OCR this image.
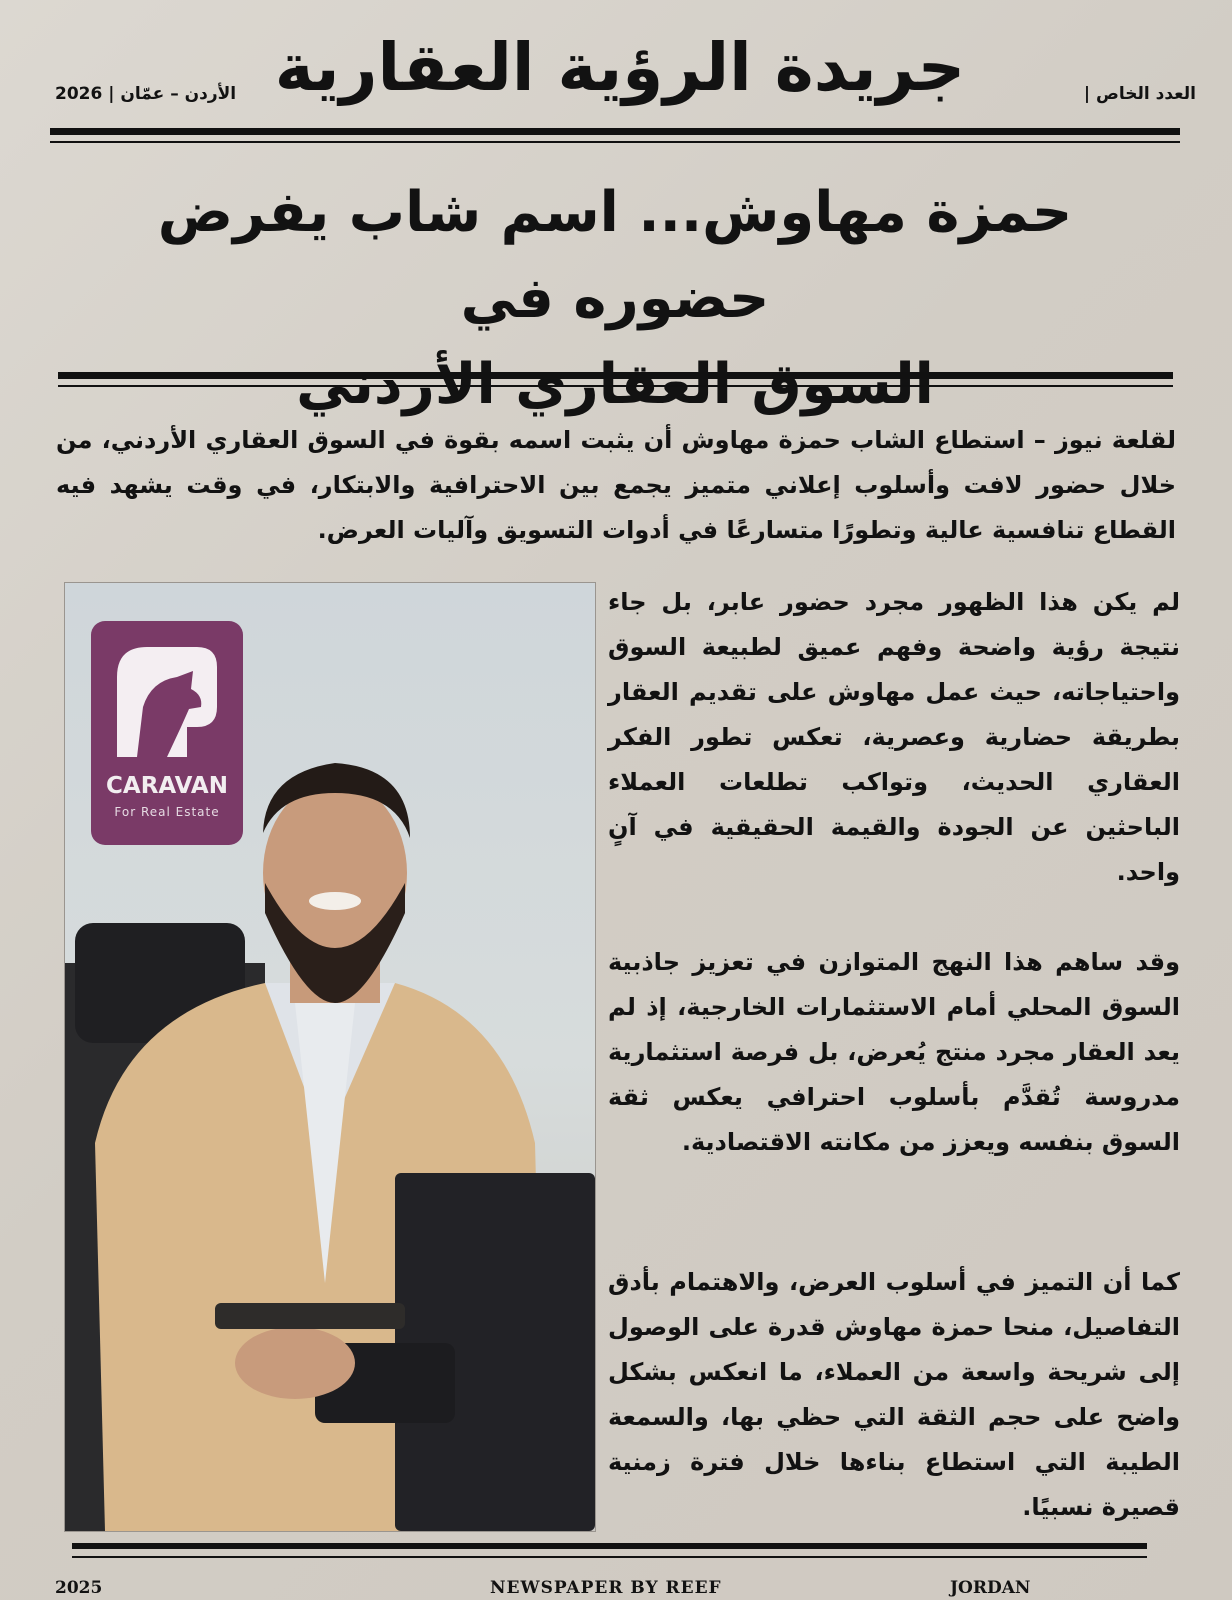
العدد الخاص |
جريدة الرؤية العقارية
الأردن – عمّان | 2026
حمزة مهاوش... اسم شاب يفرض حضوره في
لقلعة نيوز – استطاع الشاب حمزة مهاوش أن يثبت اسمه بقوة في السوق العقاري الأردني، من خلال حضور لافت وأسلوب إعلاني متميز يجمع بين الاحترافية والابتكار، في وقت يشهد فيه القطاع تنافسية عالية وتطورًا متسارعًا في أدوات التسويق وآليات العرض.
CARAVAN
For Real Estate
لم يكن هذا الظهور مجرد حضور عابر، بل جاء نتيجة رؤية واضحة وفهم عميق لطبيعة السوق واحتياجاته، حيث عمل مهاوش على تقديم العقار بطريقة حضارية وعصرية، تعكس تطور الفكر العقاري الحديث، وتواكب تطلعات العملاء الباحثين عن الجودة والقيمة الحقيقية في آنٍ واحد.
وقد ساهم هذا النهج المتوازن في تعزيز جاذبية السوق المحلي أمام الاستثمارات الخارجية، إذ لم يعد العقار مجرد منتج يُعرض، بل فرصة استثمارية مدروسة تُقدَّم بأسلوب احترافي يعكس ثقة السوق بنفسه ويعزز من مكانته الاقتصادية.
كما أن التميز في أسلوب العرض، والاهتمام بأدق التفاصيل، منحا حمزة مهاوش قدرة على الوصول إلى شريحة واسعة من العملاء، ما انعكس بشكل واضح على حجم الثقة التي حظي بها، والسمعة الطيبة التي استطاع بناءها خلال فترة زمنية قصيرة نسبيًا.
2025	NEWSPAPER BY REEF	JORDAN
